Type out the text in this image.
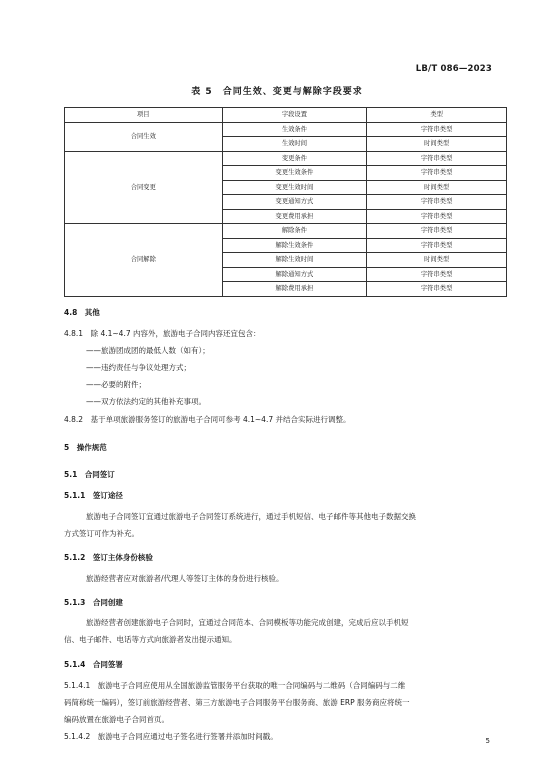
LB/T 086—2023
表 5　合同生效、变更与解除字段要求
项目	字段设置	类型
合同生效	生效条件	字符串类型
	生效时间	时间类型
合同变更	变更条件	字符串类型
	变更生效条件	字符串类型
	变更生效时间	时间类型
	变更通知方式	字符串类型
	变更费用承担	字符串类型
合同解除	解除条件	字符串类型
	解除生效条件	字符串类型
	解除生效时间	时间类型
	解除通知方式	字符串类型
	解除费用承担	字符串类型
4.8　其他
4.8.1　除 4.1~4.7 内容外，旅游电子合同内容还宜包含：
——旅游团成团的最低人数（如有）；
——违约责任与争议处理方式；
——必要的附件；
——双方依法约定的其他补充事项。
4.8.2　基于单项旅游服务签订的旅游电子合同可参考 4.1~4.7 并结合实际进行调整。
5　操作规范
5.1　合同签订
5.1.1　签订途径
旅游电子合同签订宜通过旅游电子合同签订系统进行，通过手机短信、电子邮件等其他电子数据交换
方式签订可作为补充。
5.1.2　签订主体身份核验
旅游经营者应对旅游者/代理人等签订主体的身份进行核验。
5.1.3　合同创建
旅游经营者创建旅游电子合同时，宜通过合同范本、合同模板等功能完成创建，完成后应以手机短
信、电子邮件、电话等方式向旅游者发出提示通知。
5.1.4　合同签署
5.1.4.1　旅游电子合同应使用从全国旅游监管服务平台获取的唯一合同编码与二维码（合同编码与二维
码简称统一编码），签订前旅游经营者、第三方旅游电子合同服务平台服务商、旅游 ERP 服务商应将统一
编码放置在旅游电子合同首页。
5.1.4.2　旅游电子合同应通过电子签名进行签署并添加时间戳。	5
